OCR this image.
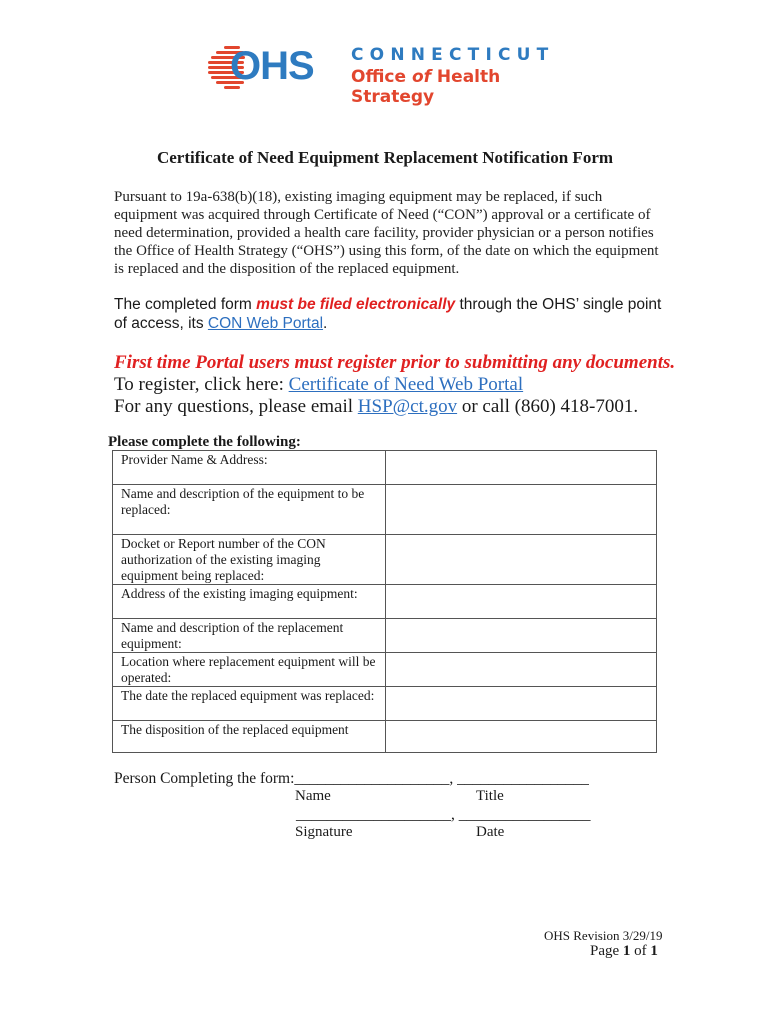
OHS CONNECTICUT
Office of Health Strategy
Certificate of Need Equipment Replacement Notification Form
Pursuant to 19a-638(b)(18), existing imaging equipment may be replaced, if such equipment was acquired through Certificate of Need (“CON”) approval or a certificate of need determination, provided a health care facility, provider physician or a person notifies the Office of Health Strategy (“OHS”) using this form, of the date on which the equipment is replaced and the disposition of the replaced equipment.
The completed form must be filed electronically through the OHS’ single point of access, its CON Web Portal.
First time Portal users must register prior to submitting any documents.
To register, click here: Certificate of Need Web Portal
For any questions, please email HSP@ct.gov or call (860) 418-7001.
Please complete the following:
Provider Name & Address:	
Name and description of the equipment to be replaced:	
Docket or Report number of the CON authorization of the existing imaging equipment being replaced:	
Address of the existing imaging equipment:	
Name and description of the replacement equipment:	
Location where replacement equipment will be operated:	
The date the replaced equipment was replaced:	
The disposition of the replaced equipment	
Person Completing the form:____________________, _________________
Name	Title
____________________, _________________
Signature	Date
OHS Revision 3/29/19
Page 1 of 1
